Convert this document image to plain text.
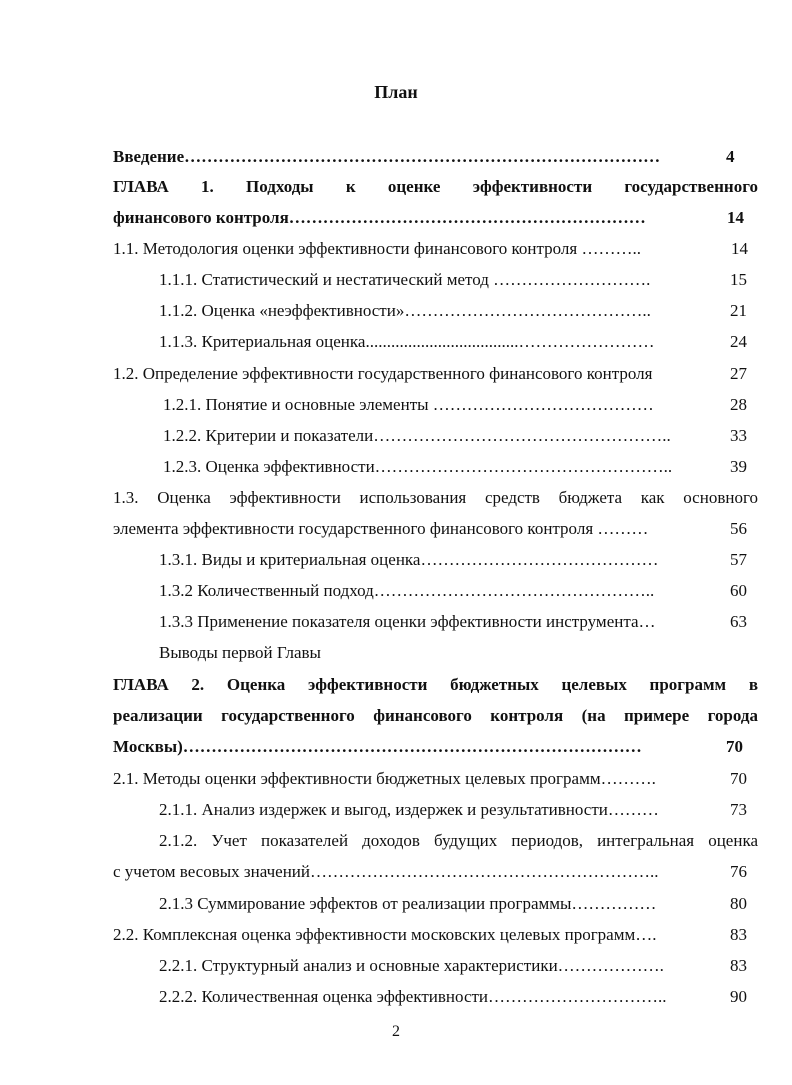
План
Введение…………………………………………………………………………	4
ГЛАВА 1. Подходы к оценке эффективности государственного
финансового контроля………………………………………………………	14
1.1. Методология оценки эффективности финансового контроля ………..	14
1.1.1. Статистический и нестатический метод ……………………….	15
1.1.2. Оценка «неэффективности»……………………………………..	21
1.1.3. Критериальная оценка....................................……………………	24
1.2. Определение эффективности государственного финансового контроля	27
1.2.1. Понятие и основные элементы …………………………………	28
1.2.2. Критерии и показатели……………………………………………..	33
1.2.3. Оценка эффективности……………………………………………..	39
1.3. Оценка эффективности использования средств бюджета как основного
элемента эффективности государственного финансового контроля ………	56
1.3.1. Виды и критериальная оценка……………………………………	57
1.3.2 Количественный подход…………………………………………..	60
1.3.3 Применение показателя оценки эффективности инструмента…	63
Выводы первой Главы
ГЛАВА 2. Оценка эффективности бюджетных целевых программ в
реализации государственного финансового контроля (на примере города
Москвы)………………………………………………………………………	70
2.1. Методы оценки эффективности бюджетных целевых программ……….	70
2.1.1. Анализ издержек и выгод, издержек и результативности………	73
2.1.2. Учет показателей доходов будущих периодов, интегральная оценка
с учетом весовых значений……………………………………………………..	76
2.1.3 Суммирование эффектов от реализации программы……………	80
2.2. Комплексная оценка эффективности московских целевых программ….	83
2.2.1. Структурный анализ и основные характеристики……………….	83
2.2.2. Количественная оценка эффективности…………………………..	90
2
